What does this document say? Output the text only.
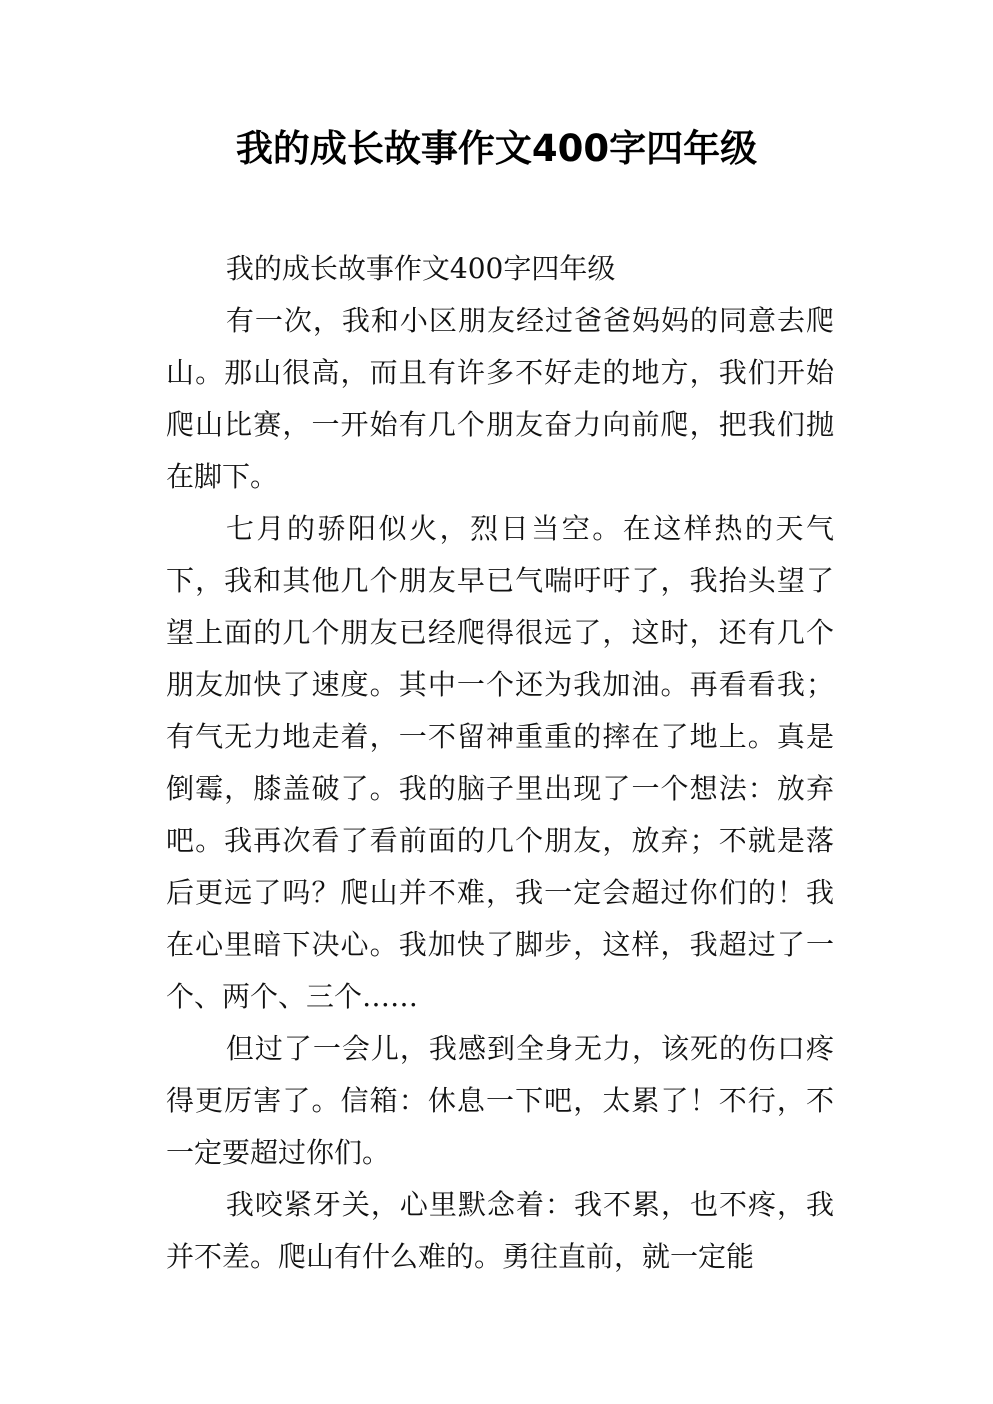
我的成长故事作文400字四年级

我的成长故事作文400字四年级

有一次，我和小区朋友经过爸爸妈妈的同意去爬山。那山很高，而且有许多不好走的地方，我们开始爬山比赛，一开始有几个朋友奋力向前爬，把我们抛在脚下。

七月的骄阳似火，烈日当空。在这样热的天气下，我和其他几个朋友早已气喘吁吁了，我抬头望了望上面的几个朋友已经爬得很远了，这时，还有几个朋友加快了速度。其中一个还为我加油。再看看我；有气无力地走着，一不留神重重的摔在了地上。真是倒霉，膝盖破了。我的脑子里出现了一个想法：放弃吧。我再次看了看前面的几个朋友，放弃；不就是落后更远了吗？爬山并不难，我一定会超过你们的！我在心里暗下决心。我加快了脚步，这样，我超过了一个、两个、三个……

但过了一会儿，我感到全身无力，该死的伤口疼得更厉害了。信箱：休息一下吧，太累了！不行，不一定要超过你们。

我咬紧牙关，心里默念着：我不累，也不疼，我并不差。爬山有什么难的。勇往直前，就一定能
